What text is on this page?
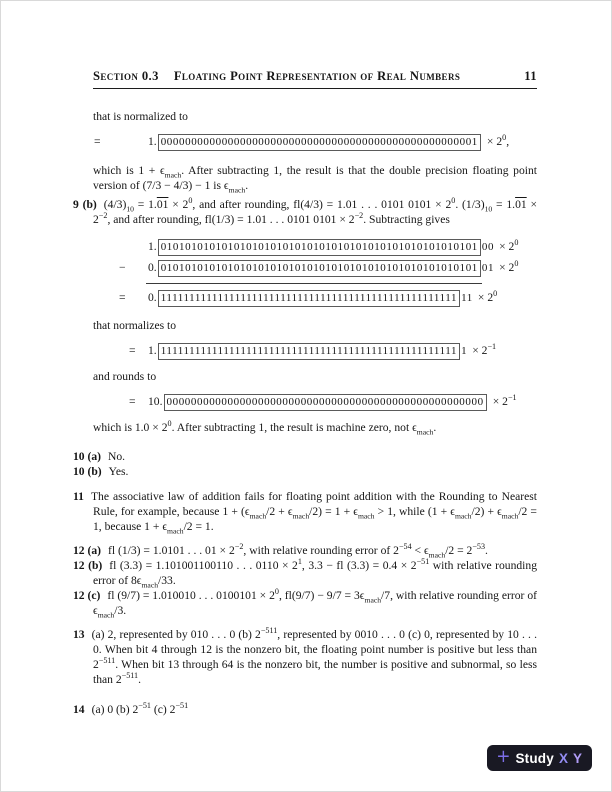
Section 0.3 Floating Point Representation of Real Numbers	11
that is normalized to
=	1. $0000000000000000000000000000000000000000000000000001 \times 2^0$,
which is $1 + \epsilon_{mach}$. After subtracting 1, the result is that the double precision floating point version of (7/3 − 4/3) − 1 is $\epsilon_{mach}$.
9 (b) $(4/3)_{10} = 1.01 \times 2^0$, and after rounding, fl(4/3) = 1.01 . . . 0101 $0101 \times 2^0$. $(1/3)_{10} = 1.01 \times 2^{-2}$, and after rounding, fl(1/3) = 1.01 . . . 0101 $0101 \times 2^{-2}$. Subtracting gives
1. 0101010101010101010101010101010101010101010101010101 $00 \times 2^0$
− 0. 0101010101010101010101010101010101010101010101010101 $01 \times 2^0$
= 0. 1111111111111111111111111111111111111111111111111111 $11 \times 2^0$
that normalizes to
= 1. 1111111111111111111111111111111111111111111111111111 $1 \times 2^{-1}$
and rounds to
= 10. $0000000000000000000000000000000000000000000000000000 \times 2^{-1}$
which is $1.0 \times 2^0$. After subtracting 1, the result is machine zero, not $\epsilon_{mach}$.
10 (a) No.
10 (b) Yes.
11 The associative law of addition fails for floating point addition with the Rounding to Nearest Rule, for example, because $1 + (\epsilon_{mach}/2 + \epsilon_{mach}/2) = 1 + \epsilon_{mach} > 1$, while $(1 + \epsilon_{mach}/2) + \epsilon_{mach}/2 = 1$, because $1 + \epsilon_{mach}/2 = 1$.
12 (a) fl (1/3) = 1.0101 . . . $01 \times 2^{-2}$, with relative rounding error of $2^{-54} < \epsilon_{mach}/2 = 2^{-53}$.
12 (b) fl (3.3) = 1.101001100110 . . . $0110 \times 2^1$, 3.3 − fl $(3.3) = 0.4 \times 2^{-51}$ with relative rounding error of $8\epsilon_{mach}/33$.
12 (c) fl (9/7) = 1.010010 . . . $0100101 \times 2^0$, $fl(9/7) - 9/7 = 3\epsilon_{mach}/7$, with relative rounding error of $\epsilon_{mach}/3$.
13 (a) 2, represented by 010 . . . 0 (b) $2^{-511}$, represented by 0010 . . . 0 (c) 0, represented by 10 . . . 0. When bit 4 through 12 is the nonzero bit, the floating point number is positive but less than $2^{-511}$. When bit 13 through 64 is the nonzero bit, the number is positive and subnormal, so less than $2^{-511}$.
14 (a) 0 (b) $2^{-51}$ (c) $2^{-51}$
+ Study X Y
